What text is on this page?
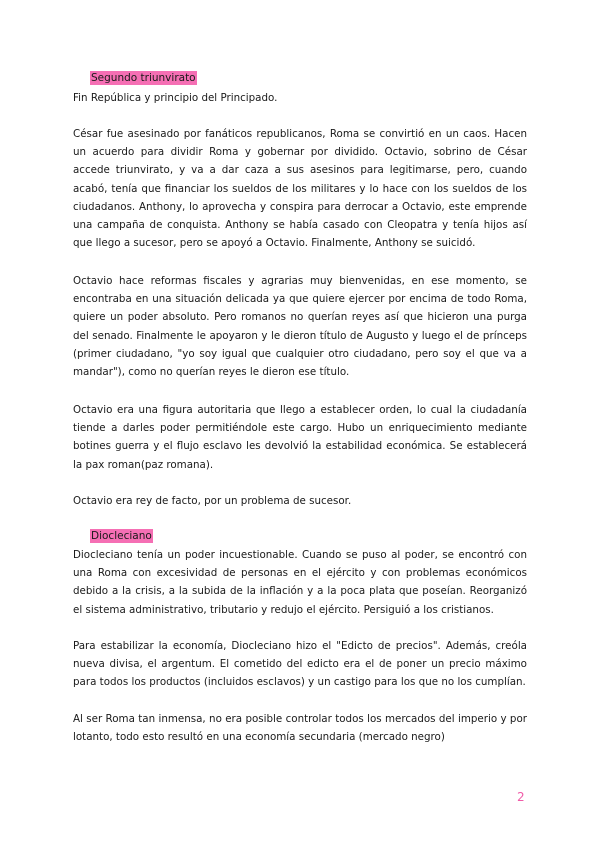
Segundo triunvirato

Fin República y principio del Principado.

César fue asesinado por fanáticos republicanos, Roma se convirtió en un caos. Hacen un acuerdo para dividir Roma y gobernar por dividido. Octavio, sobrino de César accede triunvirato, y va a dar caza a sus asesinos para legitimarse, pero, cuando acabó, tenía que financiar los sueldos de los militares y lo hace con los sueldos de los ciudadanos. Anthony, lo aprovecha y conspira para derrocar a Octavio, este emprende una campaña de conquista. Anthony se había casado con Cleopatra y tenía hijos así que llego a sucesor, pero se apoyó a Octavio. Finalmente, Anthony se suicidó.

Octavio hace reformas fiscales y agrarias muy bienvenidas, en ese momento, se encontraba en una situación delicada ya que quiere ejercer por encima de todo Roma, quiere un poder absoluto. Pero romanos no querían reyes así que hicieron una purga del senado. Finalmente le apoyaron y le dieron título de Augusto y luego el de prínceps (primer ciudadano, "yo soy igual que cualquier otro ciudadano, pero soy el que va a mandar"), como no querían reyes le dieron ese título.

Octavio era una figura autoritaria que llego a establecer orden, lo cual la ciudadanía tiende a darles poder permitiéndole este cargo. Hubo un enriquecimiento mediante botines guerra y el flujo esclavo les devolvió la estabilidad económica. Se establecerá la pax roman(paz romana).

Octavio era rey de facto, por un problema de sucesor.

Diocleciano

Diocleciano tenía un poder incuestionable. Cuando se puso al poder, se encontró con una Roma con excesividad de personas en el ejército y con problemas económicos debido a la crisis, a la subida de la inflación y a la poca plata que poseían. Reorganizó el sistema administrativo, tributario y redujo el ejército. Persiguió a los cristianos.

Para estabilizar la economía, Diocleciano hizo el "Edicto de precios". Además, creóla nueva divisa, el argentum. El cometido del edicto era el de poner un precio máximo para todos los productos (incluidos esclavos) y un castigo para los que no los cumplían.

Al ser Roma tan inmensa, no era posible controlar todos los mercados del imperio y por lotanto, todo esto resultó en una economía secundaria (mercado negro)

2
